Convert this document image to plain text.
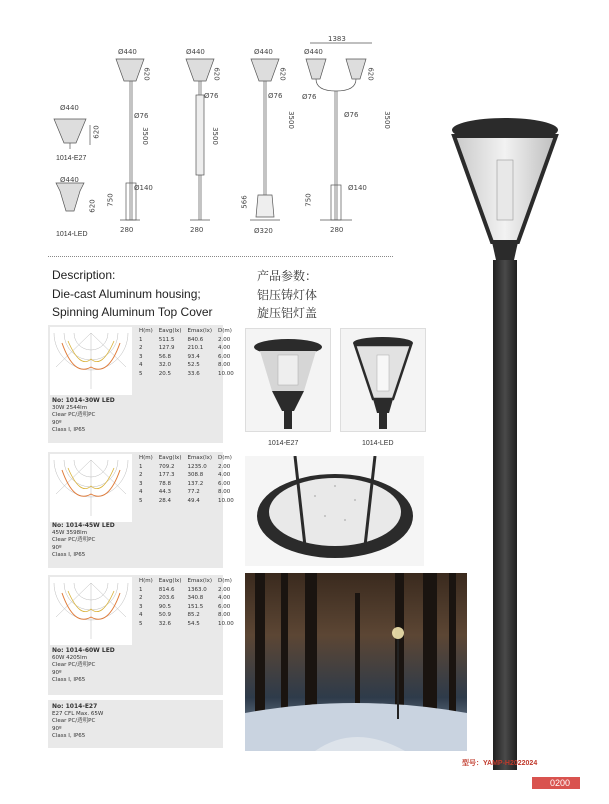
Ø440
620
1014-E27
Ø440
620
1014-LED
Ø440
620
Ø76
3500
Ø140
750
280
Ø440
620
Ø76
3500
280
Ø440
620
Ø76
3500
566
Ø320
1383
Ø440
620
Ø76
Ø76	3500
Ø140
750
280
Description:
Die-cast Aluminum housing;
Spinning Aluminum Top Cover
产品参数：
铝压铸灯体
旋压铝灯盖
H(m)	Eavg(lx)	Emax(lx)	D(m)
1	511.5	840.6	2.00
2	127.9	210.1	4.00
3	56.8	93.4	6.00
4	32.0	52.5	8.00
5	20.5	33.6	10.00
No: 1014-30W LED
30W 2544lm
Clear PC/透明PC
90º
Class I, IP65
H(m)	Eavg(lx)	Emax(lx)	D(m)
1	709.2	1235.0	2.00
2	177.3	308.8	4.00
3	78.8	137.2	6.00
4	44.3	77.2	8.00
5	28.4	49.4	10.00
No: 1014-45W LED
45W 3598lm
Clear PC/透明PC
90º
Class I, IP65
H(m)	Eavg(lx)	Emax(lx)	D(m)
1	814.6	1363.0	2.00
2	203.6	340.8	4.00
3	90.5	151.5	6.00
4	50.9	85.2	8.00
5	32.6	54.5	10.00
No: 1014-60W LED
60W 4205lm
Clear PC/透明PC
90º
Class I, IP65
No: 1014-E27
E27 CFL Max. 65W
Clear PC/透明PC
90º
Class I, IP65
1014-E27	1014-LED
型号：YAMP-H2022024
0200
